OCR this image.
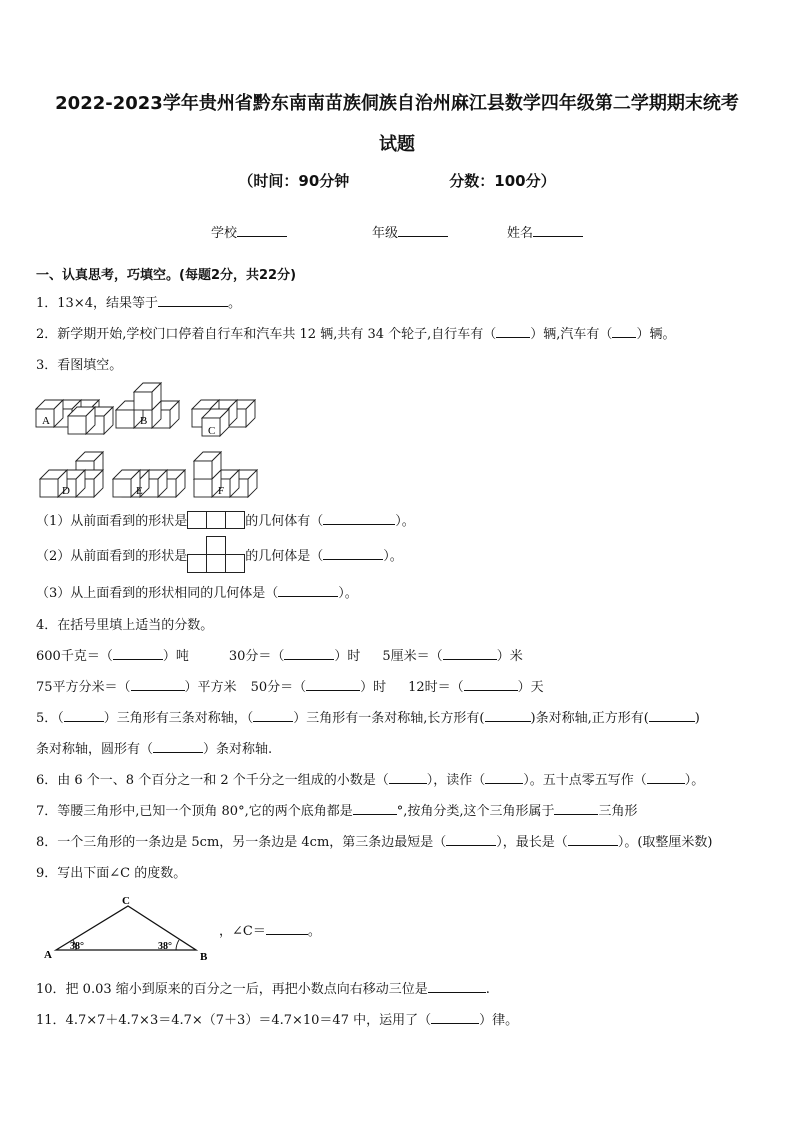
2022-2023学年贵州省黔东南南苗族侗族自治州麻江县数学四年级第二学期期末统考
试题
（时间：90分钟	分数：100分）
学校	年级	姓名
一、认真思考，巧填空。(每题2分，共22分)
1．13×4，结果等于	。
2．新学期开始,学校门口停着自行车和汽车共 12 辆,共有 34 个轮子,自行车有（	）辆,汽车有（ ）辆。
3．看图填空。
A	B
C
D	E	F
（1）从前面看到的形状是	的几何体有（	）。
（2）从前面看到的形状是	的几何体是（	）。
（3）从上面看到的形状相同的几何体是（	）。
4．在括号里填上适当的分数。
600千克＝（	）吨	30分＝（	）时 5厘米＝（	）米
75平方分米＝（	）平方米 50分＝（	）时 12时＝（	）天
5．（	）三角形有三条对称轴，（	）三角形有一条对称轴,长方形有(	)条对称轴,正方形有(	)
条对称轴，圆形有（	）条对称轴.
6．由 6 个一、8 个百分之一和 2 个千分之一组成的小数是（	），读作（	）。五十点零五写作（	）。
7．等腰三角形中,已知一个顶角 80°,它的两个底角都是	°,按角分类,这个三角形属于	三角形
8．一个三角形的一条边是 5cm，另一条边是 4cm，第三条边最短是（	），最长是（	）。(取整厘米数)
9．写出下面∠C 的度数。
A	B
C
38°	38°
，∠C＝	。
10．把 0.03 缩小到原来的百分之一后，再把小数点向右移动三位是	.
11．4.7×7＋4.7×3＝4.7×（7＋3）＝4.7×10＝47 中，运用了（	）律。
